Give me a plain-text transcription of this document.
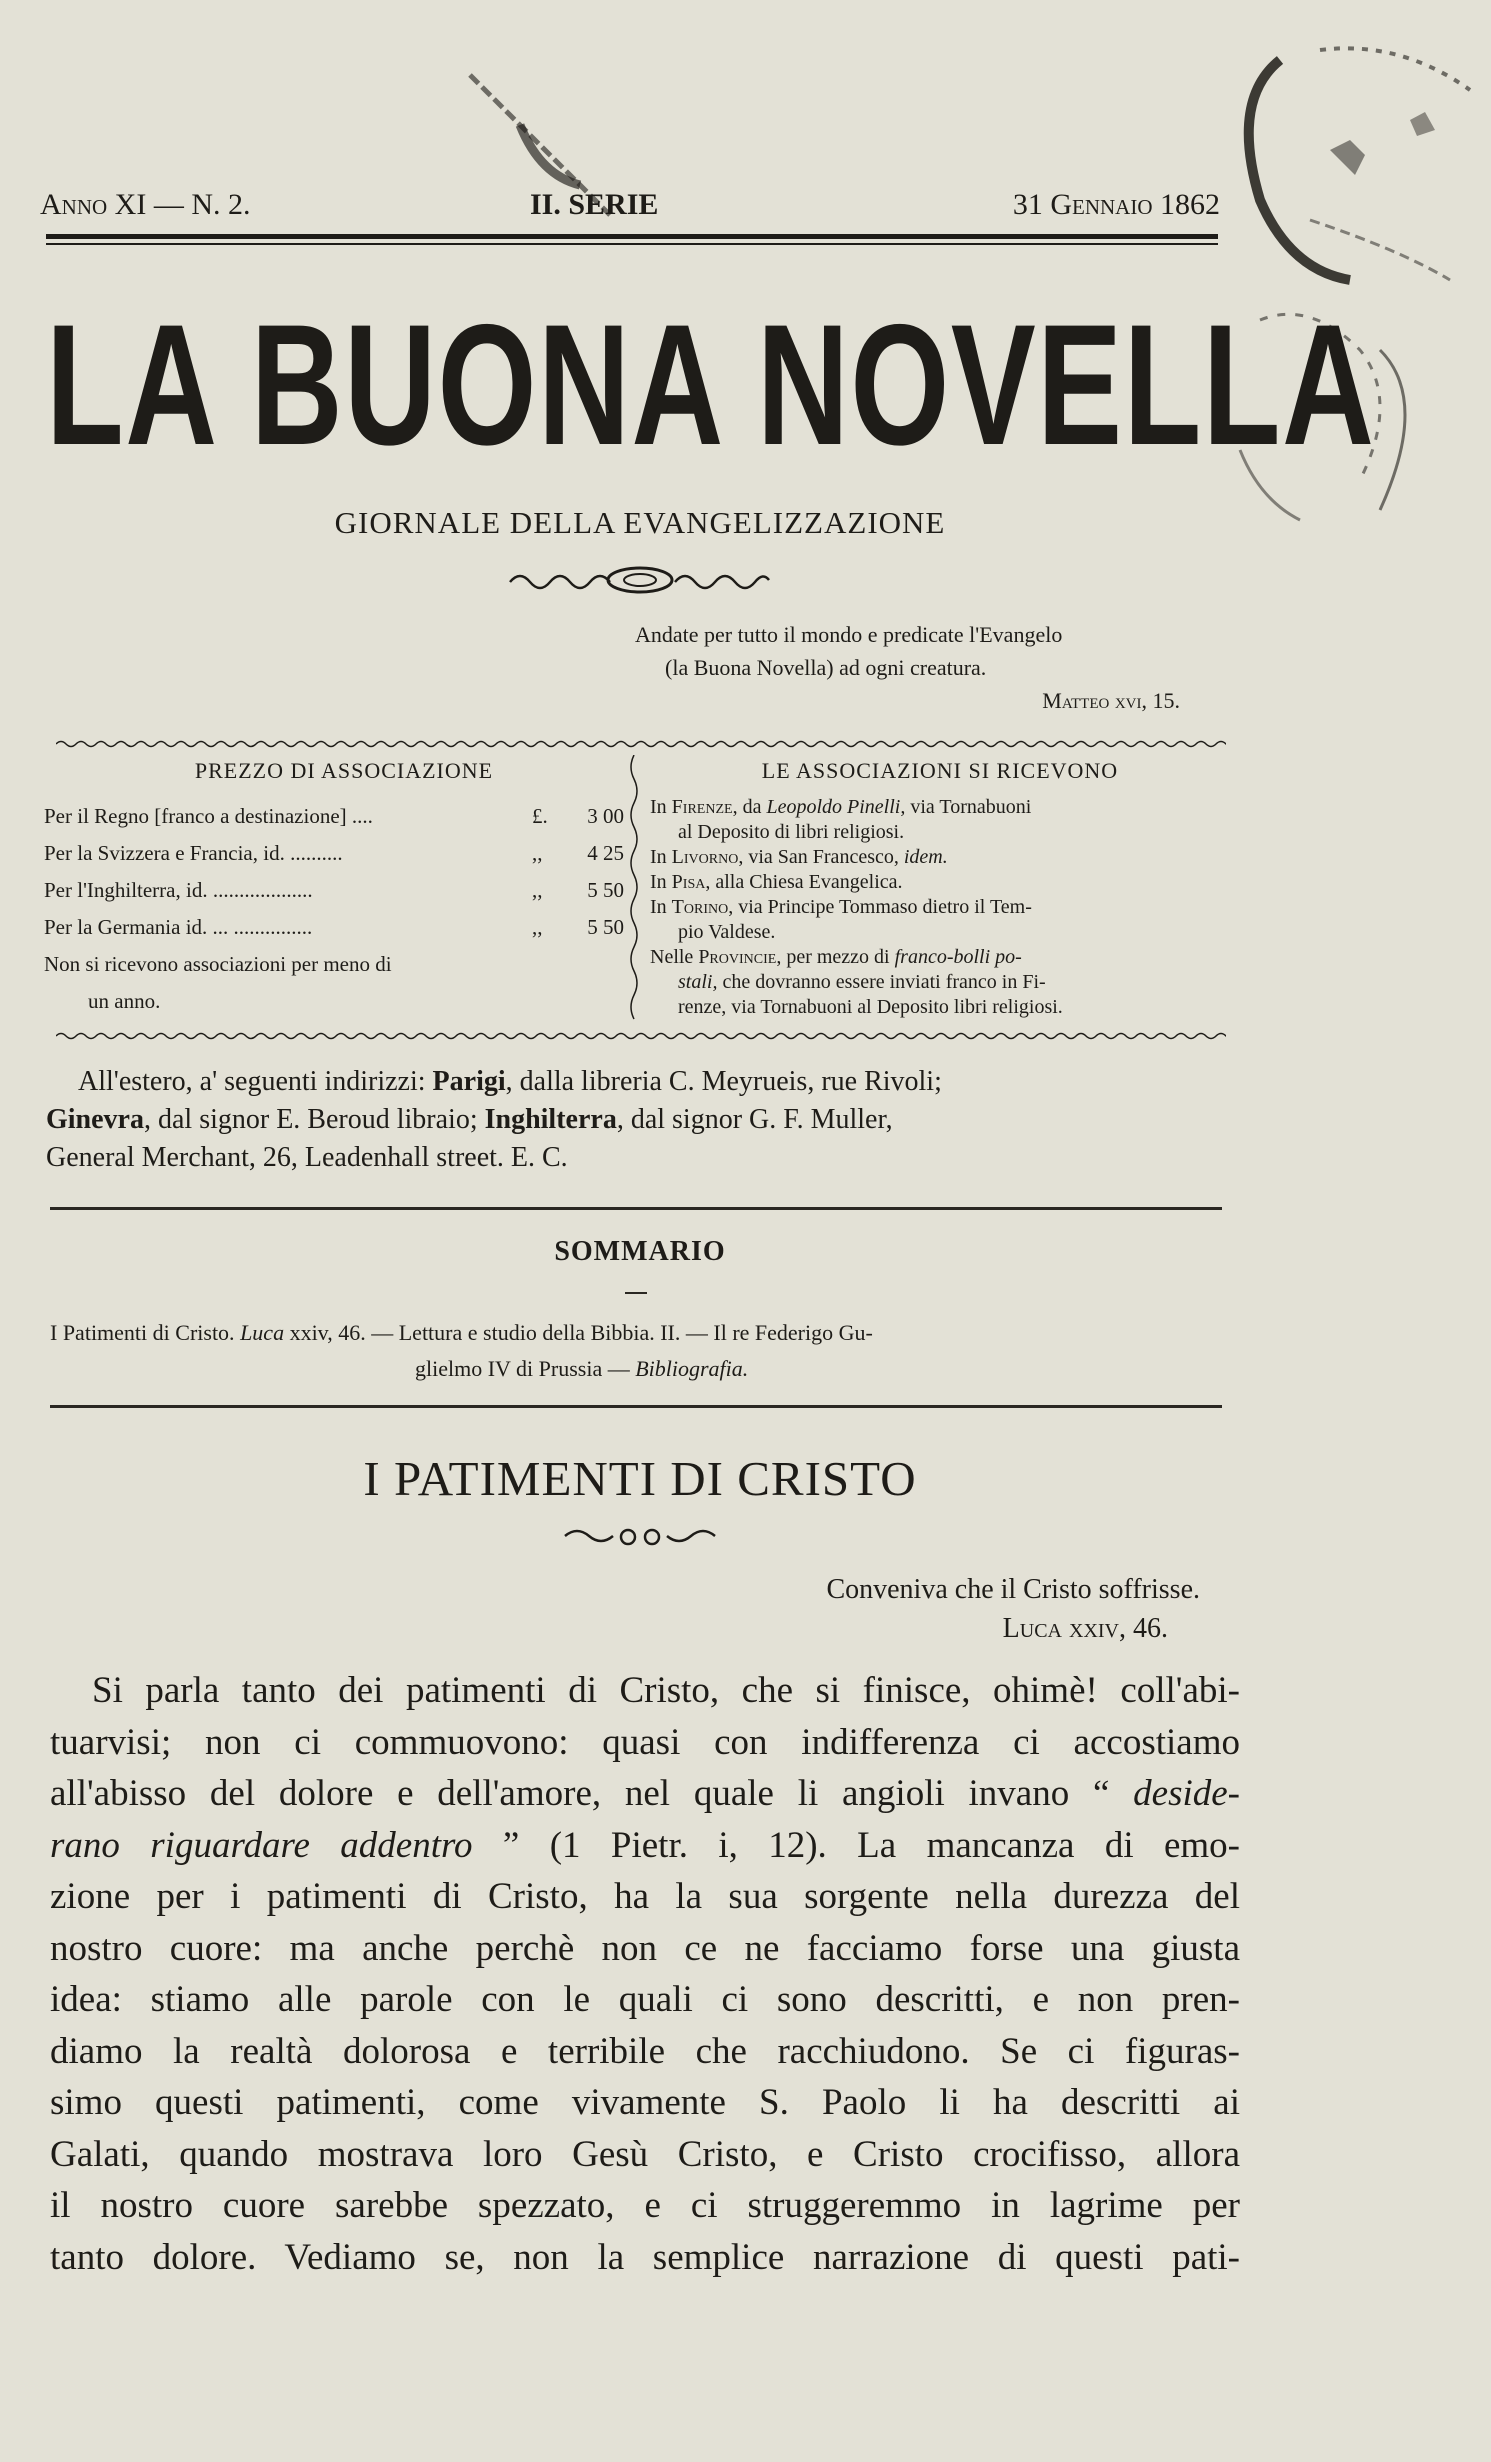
Anno XI — N. 2.	II. SERIE	31 Gennaio 1862
LA BUONA NOVELLA
GIORNALE DELLA EVANGELIZZAZIONE
Andate per tutto il mondo e predicate l'Evangelo
(la Buona Novella) ad ogni creatura.
Matteo xvi, 15.
PREZZO DI ASSOCIAZIONE
Per il Regno [franco a destinazione] ....	£. 3 00
Per la Svizzera e Francia, id. ..........	,, 4 25
Per l'Inghilterra, id. ...................	,, 5 50
Per la Germania id. ... ...............	,, 5 50
Non si ricevono associazioni per meno di
un anno.
LE ASSOCIAZIONI SI RICEVONO

In Firenze, da Leopoldo Pinelli, via Tornabuoni

al Deposito di libri religiosi.

In Livorno, via San Francesco, idem.

In Pisa, alla Chiesa Evangelica.

In Torino, via Principe Tommaso dietro il Tem-

pio Valdese.

Nelle Provincie, per mezzo di franco-bolli po-

stali, che dovranno essere inviati franco in Fi-

renze, via Tornabuoni al Deposito libri religiosi.

All'estero, a' seguenti indirizzi: Parigi, dalla libreria C. Meyrueis, rue Rivoli;

Ginevra, dal signor E. Beroud libraio; Inghilterra, dal signor G. F. Muller,

General Merchant, 26, Leadenhall street. E. C.

SOMMARIO
I Patimenti di Cristo. Luca xxiv, 46. — Lettura e studio della Bibbia. II. — Il re Federigo Gu-
glielmo IV di Prussia — Bibliografia.
I PATIMENTI DI CRISTO
Conveniva che il Cristo soffrisse.
Luca xxiv, 46.
Si parla tanto dei patimenti di Cristo, che si finisce, ohimè! coll'abi-
tuarvisi; non ci commuovono: quasi con indifferenza ci accostiamo
all'abisso del dolore e dell'amore, nel quale li angioli invano “ deside-
rano riguardare addentro ” (1 Pietr. i, 12). La mancanza di emo-
zione per i patimenti di Cristo, ha la sua sorgente nella durezza del
nostro cuore: ma anche perchè non ce ne facciamo forse una giusta
idea: stiamo alle parole con le quali ci sono descritti, e non pren-
diamo la realtà dolorosa e terribile che racchiudono. Se ci figuras-
simo questi patimenti, come vivamente S. Paolo li ha descritti ai
Galati, quando mostrava loro Gesù Cristo, e Cristo crocifisso, allora
il nostro cuore sarebbe spezzato, e ci struggeremmo in lagrime per
tanto dolore. Vediamo se, non la semplice narrazione di questi pati-
